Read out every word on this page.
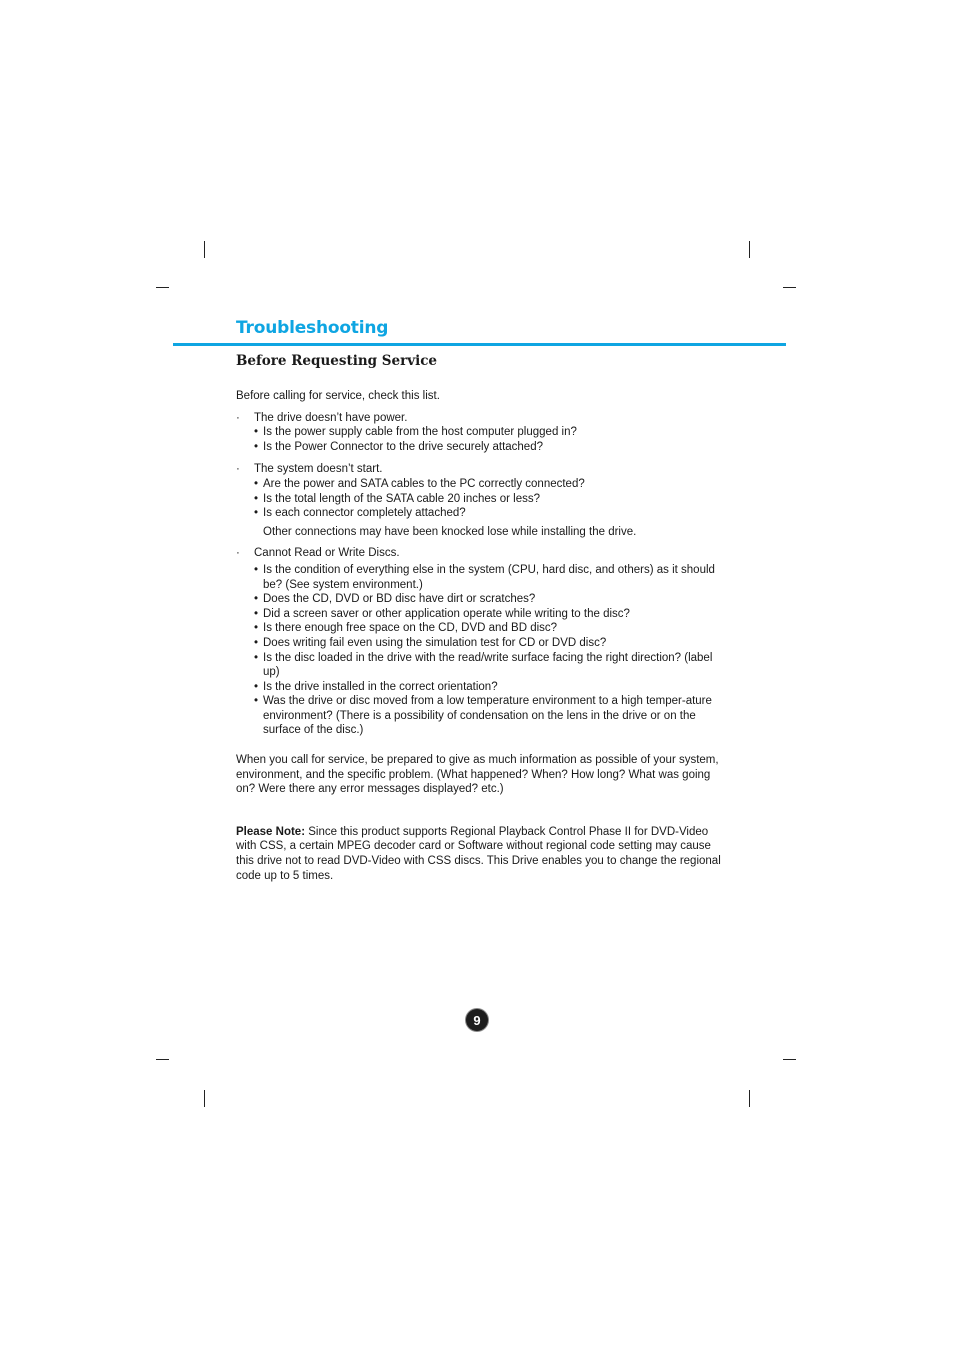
Troubleshooting
Before Requesting Service

Before calling for service, check this list.

· The drive doesn’t have power.
• Is the power supply cable from the host computer plugged in?
• Is the Power Connector to the drive securely attached?
· The system doesn’t start.
• Are the power and SATA cables to the PC correctly connected?
• Is the total length of the SATA cable 20 inches or less?
• Is each connector completely attached?

Other connections may have been knocked lose while installing the drive.

· Cannot Read or Write Discs.
• Is the condition of everything else in the system (CPU, hard disc, and others) as it should be? (See system environment.)
• Does the CD, DVD or BD disc have dirt or scratches?
• Did a screen saver or other application operate while writing to the disc?
• Is there enough free space on the CD, DVD and BD disc?
• Does writing fail even using the simulation test for CD or DVD disc?
• Is the disc loaded in the drive with the read/write surface facing the right direction? (label up)
• Is the drive installed in the correct orientation?
• Was the drive or disc moved from a low temperature environment to a high temper-ature environment? (There is a possibility of condensation on the lens in the drive or on the surface of the disc.)

When you call for service, be prepared to give as much information as possible of your system, environment, and the specific problem. (What happened? When? How long? What was going on? Were there any error messages displayed? etc.)

Please Note: Since this product supports Regional Playback Control Phase II for DVD-Video with CSS, a certain MPEG decoder card or Software without regional code setting may cause this drive not to read DVD-Video with CSS discs. This Drive enables you to change the regional code up to 5 times.

9
